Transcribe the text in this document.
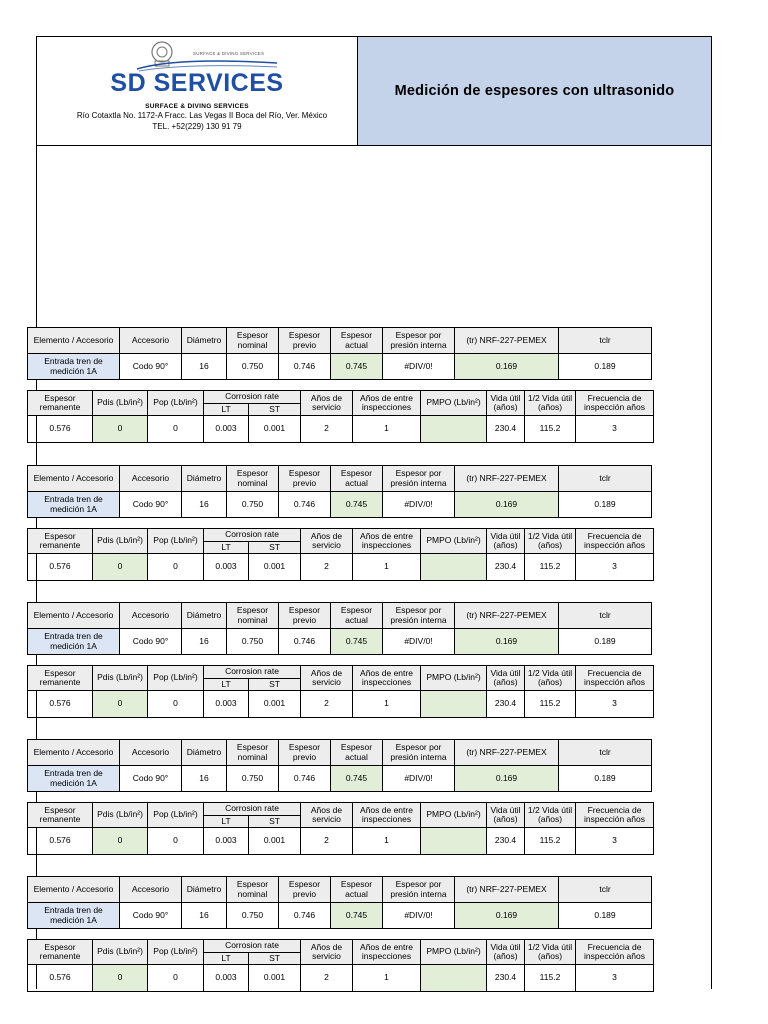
SURFACE & DIVING SERVICES
SD SERVICES
SURFACE & DIVING SERVICES
Río Cotaxtla No. 1172-A Fracc. Las Vegas II Boca del Río, Ver. México
TEL. +52(229) 130 91 79
Medición de espesores con ultrasonido
Elemento / Accesorio	Accesorio	Diámetro	Espesor nominal	Espesor previo	Espesor actual	Espesor por presión interna	(tr) NRF-227-PEMEX	tclr
Entrada tren de medición 1A	Codo 90°	16	0.750	0.746	0.745	#DIV/0!	0.169	0.189
Espesor remanente	Pdis (Lb/in²)	Pop (Lb/in²)	Corrosion rate		Años de servicio	Años de entre inspecciones	PMPO (Lb/in²)	Vida útil (años)	1/2 Vida útil (años)	Frecuencia de inspección años
			LT	ST						
0.576	0	0	0.003	0.001	2	1		230.4	115.2	3
Elemento / Accesorio	Accesorio	Diámetro	Espesor nominal	Espesor previo	Espesor actual	Espesor por presión interna	(tr) NRF-227-PEMEX	tclr
Entrada tren de medición 1A	Codo 90°	16	0.750	0.746	0.745	#DIV/0!	0.169	0.189
Espesor remanente	Pdis (Lb/in²)	Pop (Lb/in²)	Corrosion rate		Años de servicio	Años de entre inspecciones	PMPO (Lb/in²)	Vida útil (años)	1/2 Vida útil (años)	Frecuencia de inspección años
			LT	ST						
0.576	0	0	0.003	0.001	2	1		230.4	115.2	3
Elemento / Accesorio	Accesorio	Diámetro	Espesor nominal	Espesor previo	Espesor actual	Espesor por presión interna	(tr) NRF-227-PEMEX	tclr
Entrada tren de medición 1A	Codo 90°	16	0.750	0.746	0.745	#DIV/0!	0.169	0.189
Espesor remanente	Pdis (Lb/in²)	Pop (Lb/in²)	Corrosion rate		Años de servicio	Años de entre inspecciones	PMPO (Lb/in²)	Vida útil (años)	1/2 Vida útil (años)	Frecuencia de inspección años
			LT	ST						
0.576	0	0	0.003	0.001	2	1		230.4	115.2	3
Elemento / Accesorio	Accesorio	Diámetro	Espesor nominal	Espesor previo	Espesor actual	Espesor por presión interna	(tr) NRF-227-PEMEX	tclr
Entrada tren de medición 1A	Codo 90°	16	0.750	0.746	0.745	#DIV/0!	0.169	0.189
Espesor remanente	Pdis (Lb/in²)	Pop (Lb/in²)	Corrosion rate		Años de servicio	Años de entre inspecciones	PMPO (Lb/in²)	Vida útil (años)	1/2 Vida útil (años)	Frecuencia de inspección años
			LT	ST						
0.576	0	0	0.003	0.001	2	1		230.4	115.2	3
Elemento / Accesorio	Accesorio	Diámetro	Espesor nominal	Espesor previo	Espesor actual	Espesor por presión interna	(tr) NRF-227-PEMEX	tclr
Entrada tren de medición 1A	Codo 90°	16	0.750	0.746	0.745	#DIV/0!	0.169	0.189
Espesor remanente	Pdis (Lb/in²)	Pop (Lb/in²)	Corrosion rate		Años de servicio	Años de entre inspecciones	PMPO (Lb/in²)	Vida útil (años)	1/2 Vida útil (años)	Frecuencia de inspección años
			LT	ST						
0.576	0	0	0.003	0.001	2	1		230.4	115.2	3
